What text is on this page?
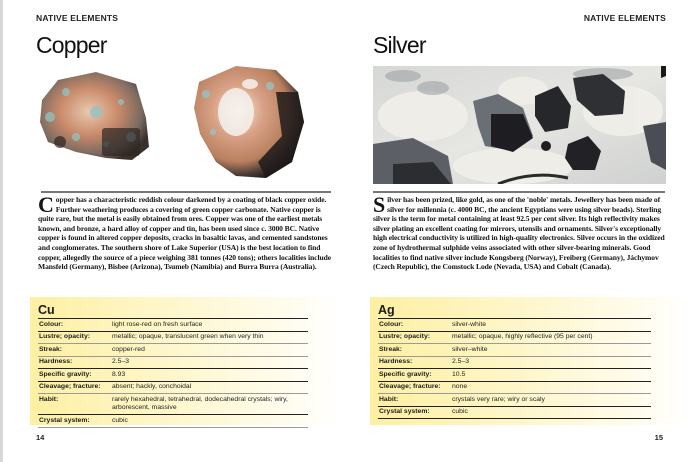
NATIVE ELEMENTS
Copper

Copper has a characteristic reddish colour darkened by a coating of black copper oxide. Further weathering produces a covering of green copper carbonate. Native copper is quite rare, but the metal is easily obtained from ores. Copper was one of the earliest metals known, and bronze, a hard alloy of copper and tin, has been used since c. 3000 BC. Native copper is found in altered copper deposits, cracks in basaltic lavas, and cemented sandstones and conglomerates. The southern shore of Lake Superior (USA) is the best location to find copper, allegedly the source of a piece weighing 381 tonnes (420 tons); others localities include Mansfeld (Germany), Bisbee (Arizona), Tsumeb (Namibia) and Burra Burra (Australia).

Cu
Colour:	light rose-red on fresh surface
Lustre; opacity:	metallic; opaque, translucent green when very thin
Streak:	copper-red
Hardness:	2.5–3
Specific gravity:	8.93
Cleavage; fracture:	absent; hackly, conchoidal
Habit:	rarely hexahedral, tetrahedral, dodecahedral crystals; wiry, arborescent, massive
Crystal system:	cubic
14
NATIVE ELEMENTS
Silver

Silver has been prized, like gold, as one of the 'noble' metals. Jewellery has been made of silver for millennia (c. 4000 BC, the ancient Egyptians were using silver beads). Sterling silver is the term for metal containing at least 92.5 per cent silver. Its high reflectivity makes silver plating an excellent coating for mirrors, utensils and ornaments. Silver's exceptionally high electrical conductivity is utilized in high-quality electronics. Silver occurs in the oxidized zone of hydrothermal sulphide veins associated with other silver-bearing minerals. Good localities to find native silver include Kongsberg (Norway), Freiberg (Germany), Jáchymov (Czech Republic), the Comstock Lode (Nevada, USA) and Cobalt (Canada).

Ag
Colour:	silver-white
Lustre; opacity:	metallic; opaque, highly reflective (95 per cent)
Streak:	silver–white
Hardness:	2.5–3
Specific gravity:	10.5
Cleavage; fracture:	none
Habit:	crystals very rare; wiry or scaly
Crystal system:	cubic
15
